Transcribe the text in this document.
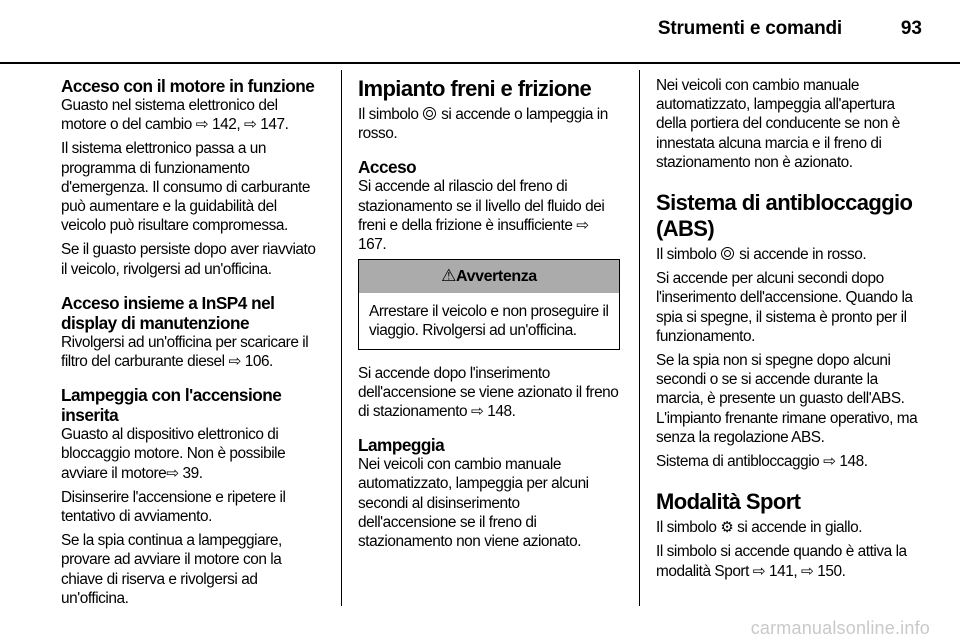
Strumenti e comandi	93
Acceso con il motore in funzione

Guasto nel sistema elettronico del motore o del cambio ⇨ 142, ⇨ 147.

Il sistema elettronico passa a un programma di funzionamento d'emergenza. Il consumo di carburante può aumentare e la guidabilità del veicolo può risultare compromessa.

Se il guasto persiste dopo aver riavviato il veicolo, rivolgersi ad un'officina.

Acceso insieme a InSP4 nel display di manutenzione

Rivolgersi ad un'officina per scaricare il filtro del carburante diesel ⇨ 106.

Lampeggia con l'accensione inserita

Guasto al dispositivo elettronico di bloccaggio motore. Non è possibile avviare il motore⇨ 39.

Disinserire l'accensione e ripetere il tentativo di avviamento.

Se la spia continua a lampeggiare, provare ad avviare il motore con la chiave di riserva e rivolgersi ad un'officina.

Impianto freni e frizione

Il simbolo si accende o lampeggia in rosso.

Acceso

Si accende al rilascio del freno di stazionamento se il livello del fluido dei freni e della frizione è insufficiente ⇨ 167.

⚠Avvertenza

Arrestare il veicolo e non proseguire il viaggio. Rivolgersi ad un'officina.

Si accende dopo l'inserimento dell'accensione se viene azionato il freno di stazionamento ⇨ 148.

Lampeggia

Nei veicoli con cambio manuale automatizzato, lampeggia per alcuni secondi al disinserimento dell'accensione se il freno di stazionamento non viene azionato.

Nei veicoli con cambio manuale automatizzato, lampeggia all'apertura della portiera del conducente se non è innestata alcuna marcia e il freno di stazionamento non è azionato.

Sistema di antibloccaggio (ABS)

Il simbolo si accende in rosso.

Si accende per alcuni secondi dopo l'inserimento dell'accensione. Quando la spia si spegne, il sistema è pronto per il funzionamento.

Se la spia non si spegne dopo alcuni secondi o se si accende durante la marcia, è presente un guasto dell'ABS. L'impianto frenante rimane operativo, ma senza la regolazione ABS.

Sistema di antibloccaggio ⇨ 148.

Modalità Sport

Il simbolo ⚙ si accende in giallo.

Il simbolo si accende quando è attiva la modalità Sport ⇨ 141, ⇨ 150.

carmanualsonline.info
